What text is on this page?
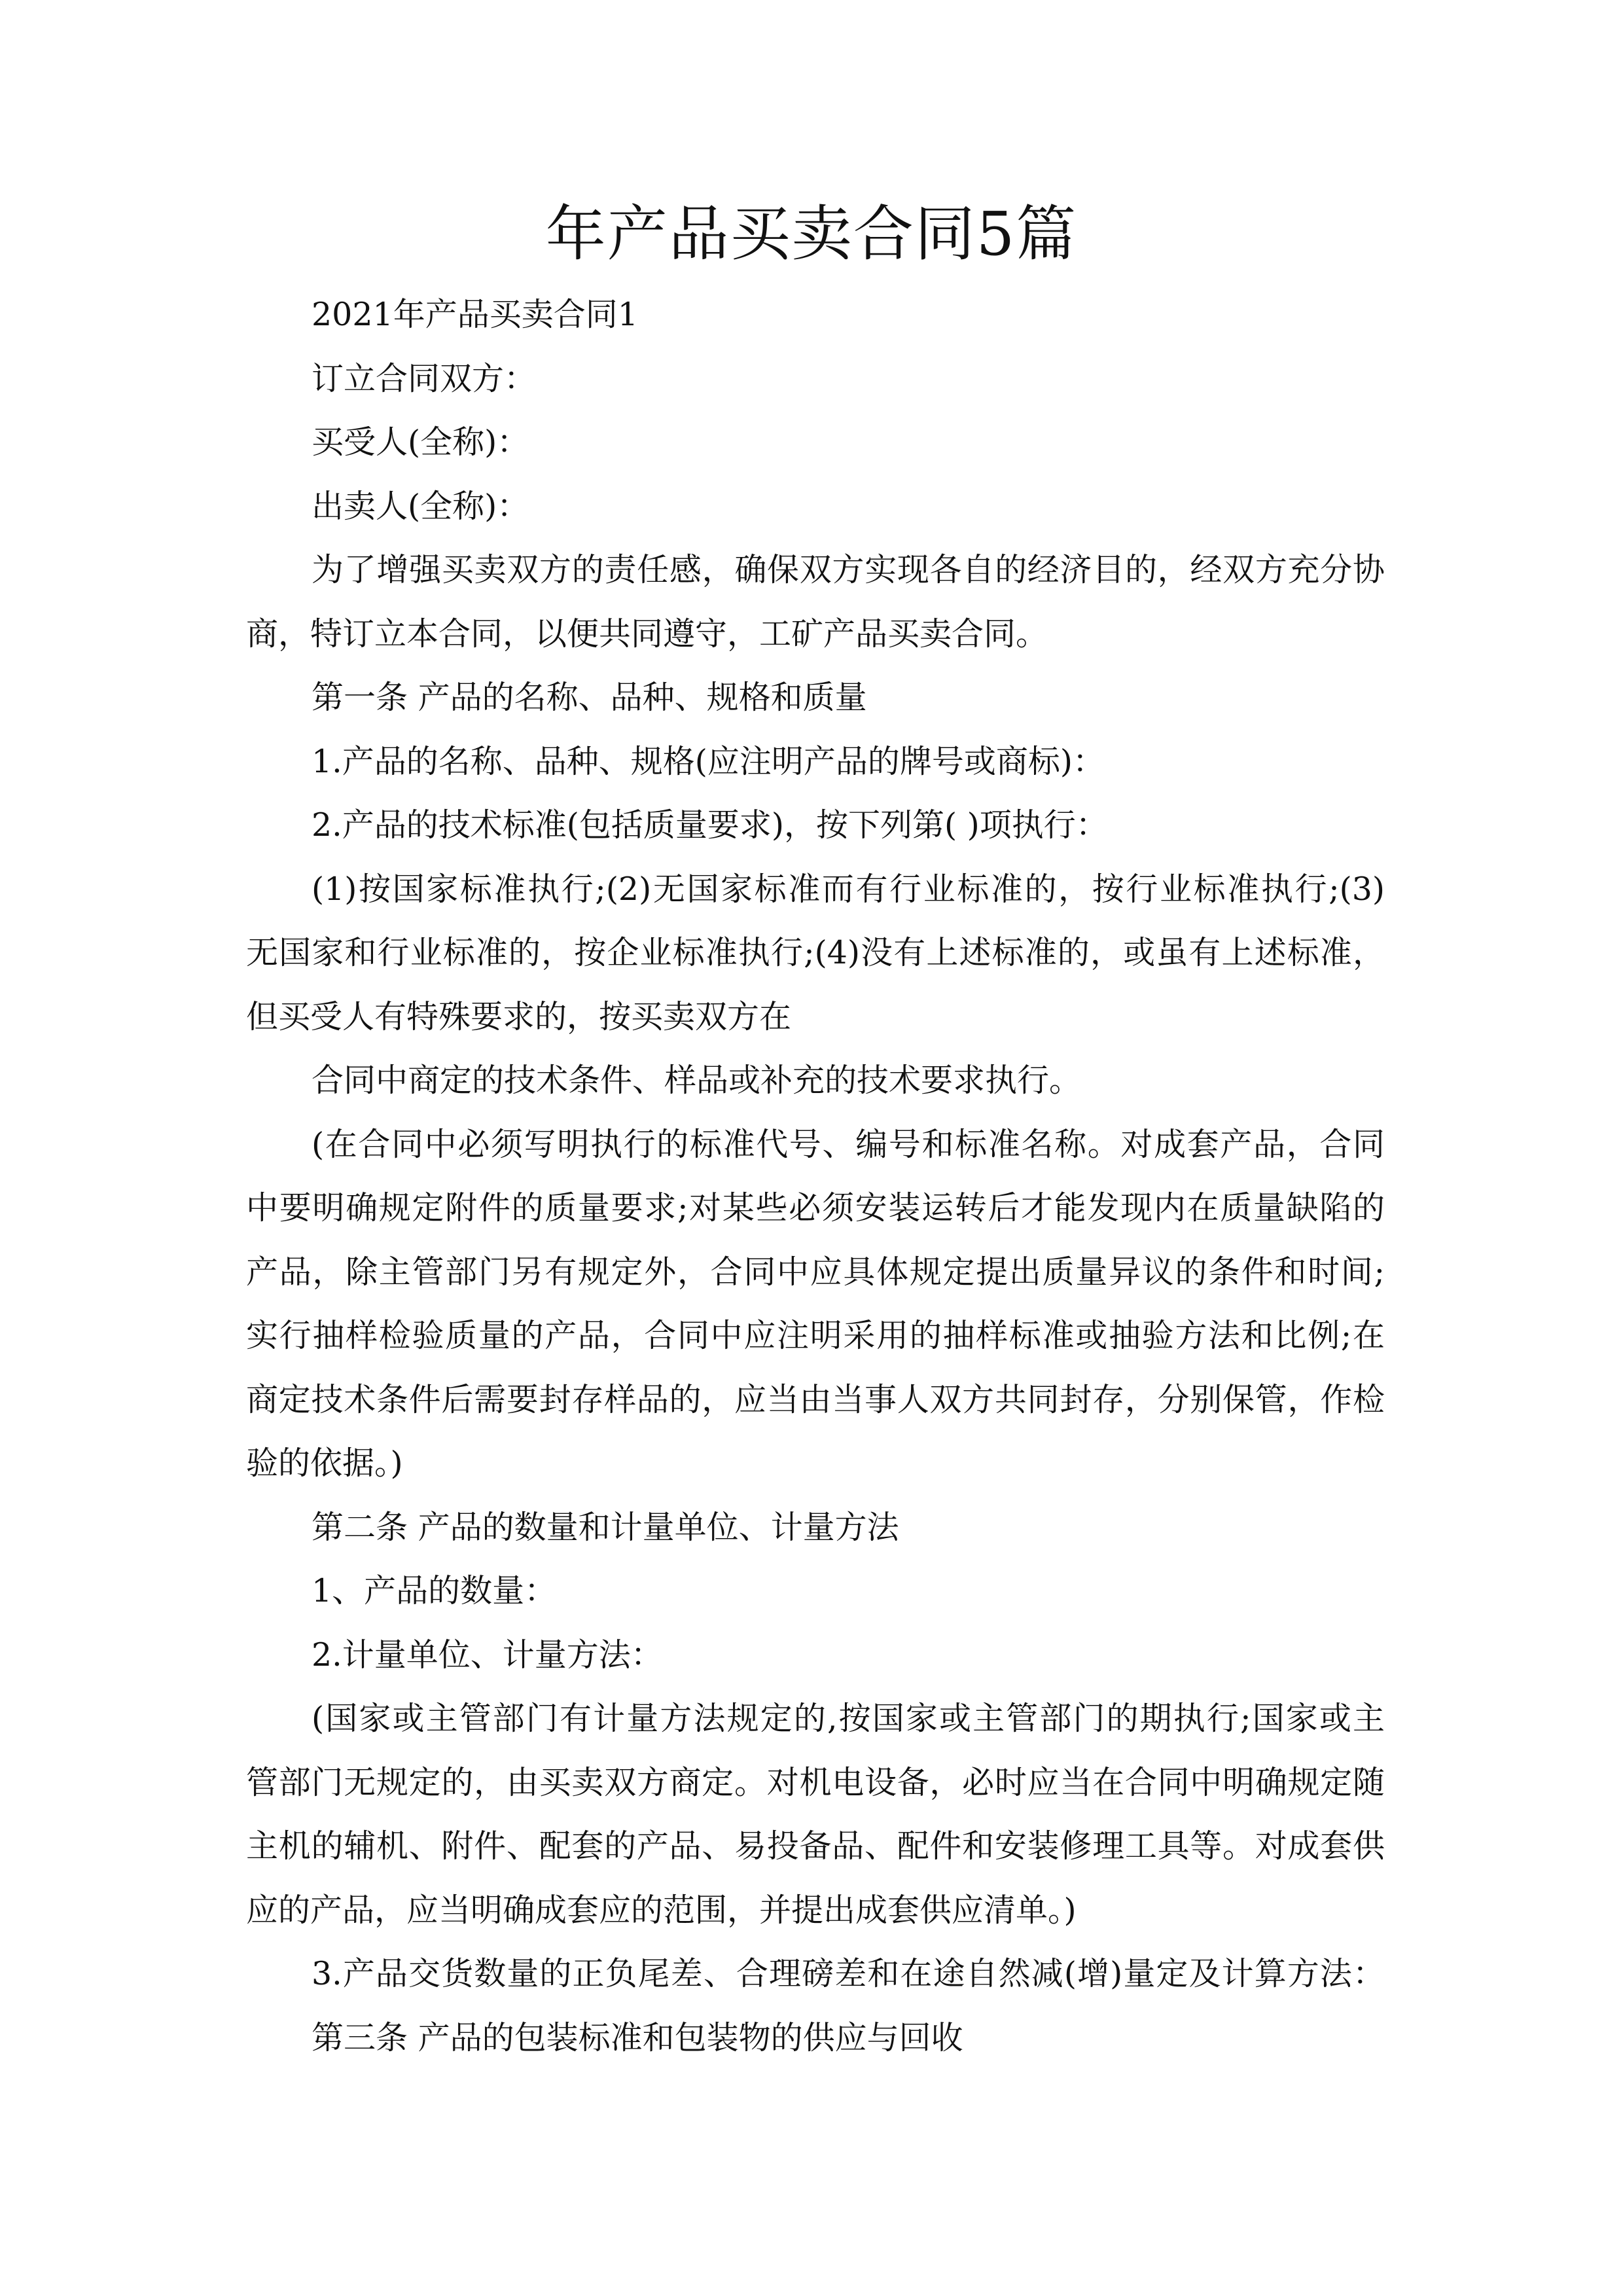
年产品买卖合同5篇
2021年产品买卖合同1
订立合同双方：
买受人(全称)：
出卖人(全称)：
为了增强买卖双方的责任感，确保双方实现各自的经济目的，经双方充分协
商，特订立本合同，以便共同遵守，工矿产品买卖合同。
第一条 产品的名称、品种、规格和质量
1.产品的名称、品种、规格(应注明产品的牌号或商标)：
2.产品的技术标准(包括质量要求)，按下列第( )项执行：
(1)按国家标准执行;(2)无国家标准而有行业标准的，按行业标准执行;(3)
无国家和行业标准的，按企业标准执行;(4)没有上述标准的，或虽有上述标准，
但买受人有特殊要求的，按买卖双方在
合同中商定的技术条件、样品或补充的技术要求执行。
(在合同中必须写明执行的标准代号、编号和标准名称。对成套产品，合同
中要明确规定附件的质量要求;对某些必须安装运转后才能发现内在质量缺陷的
产品，除主管部门另有规定外，合同中应具体规定提出质量异议的条件和时间;
实行抽样检验质量的产品，合同中应注明采用的抽样标准或抽验方法和比例;在
商定技术条件后需要封存样品的，应当由当事人双方共同封存，分别保管，作检
验的依据。)
第二条 产品的数量和计量单位、计量方法
1、产品的数量：
2.计量单位、计量方法：
(国家或主管部门有计量方法规定的,按国家或主管部门的期执行;国家或主
管部门无规定的，由买卖双方商定。对机电设备，必时应当在合同中明确规定随
主机的辅机、附件、配套的产品、易投备品、配件和安装修理工具等。对成套供
应的产品，应当明确成套应的范围，并提出成套供应清单。)
3.产品交货数量的正负尾差、合理磅差和在途自然减(增)量定及计算方法：
第三条 产品的包装标准和包装物的供应与回收
